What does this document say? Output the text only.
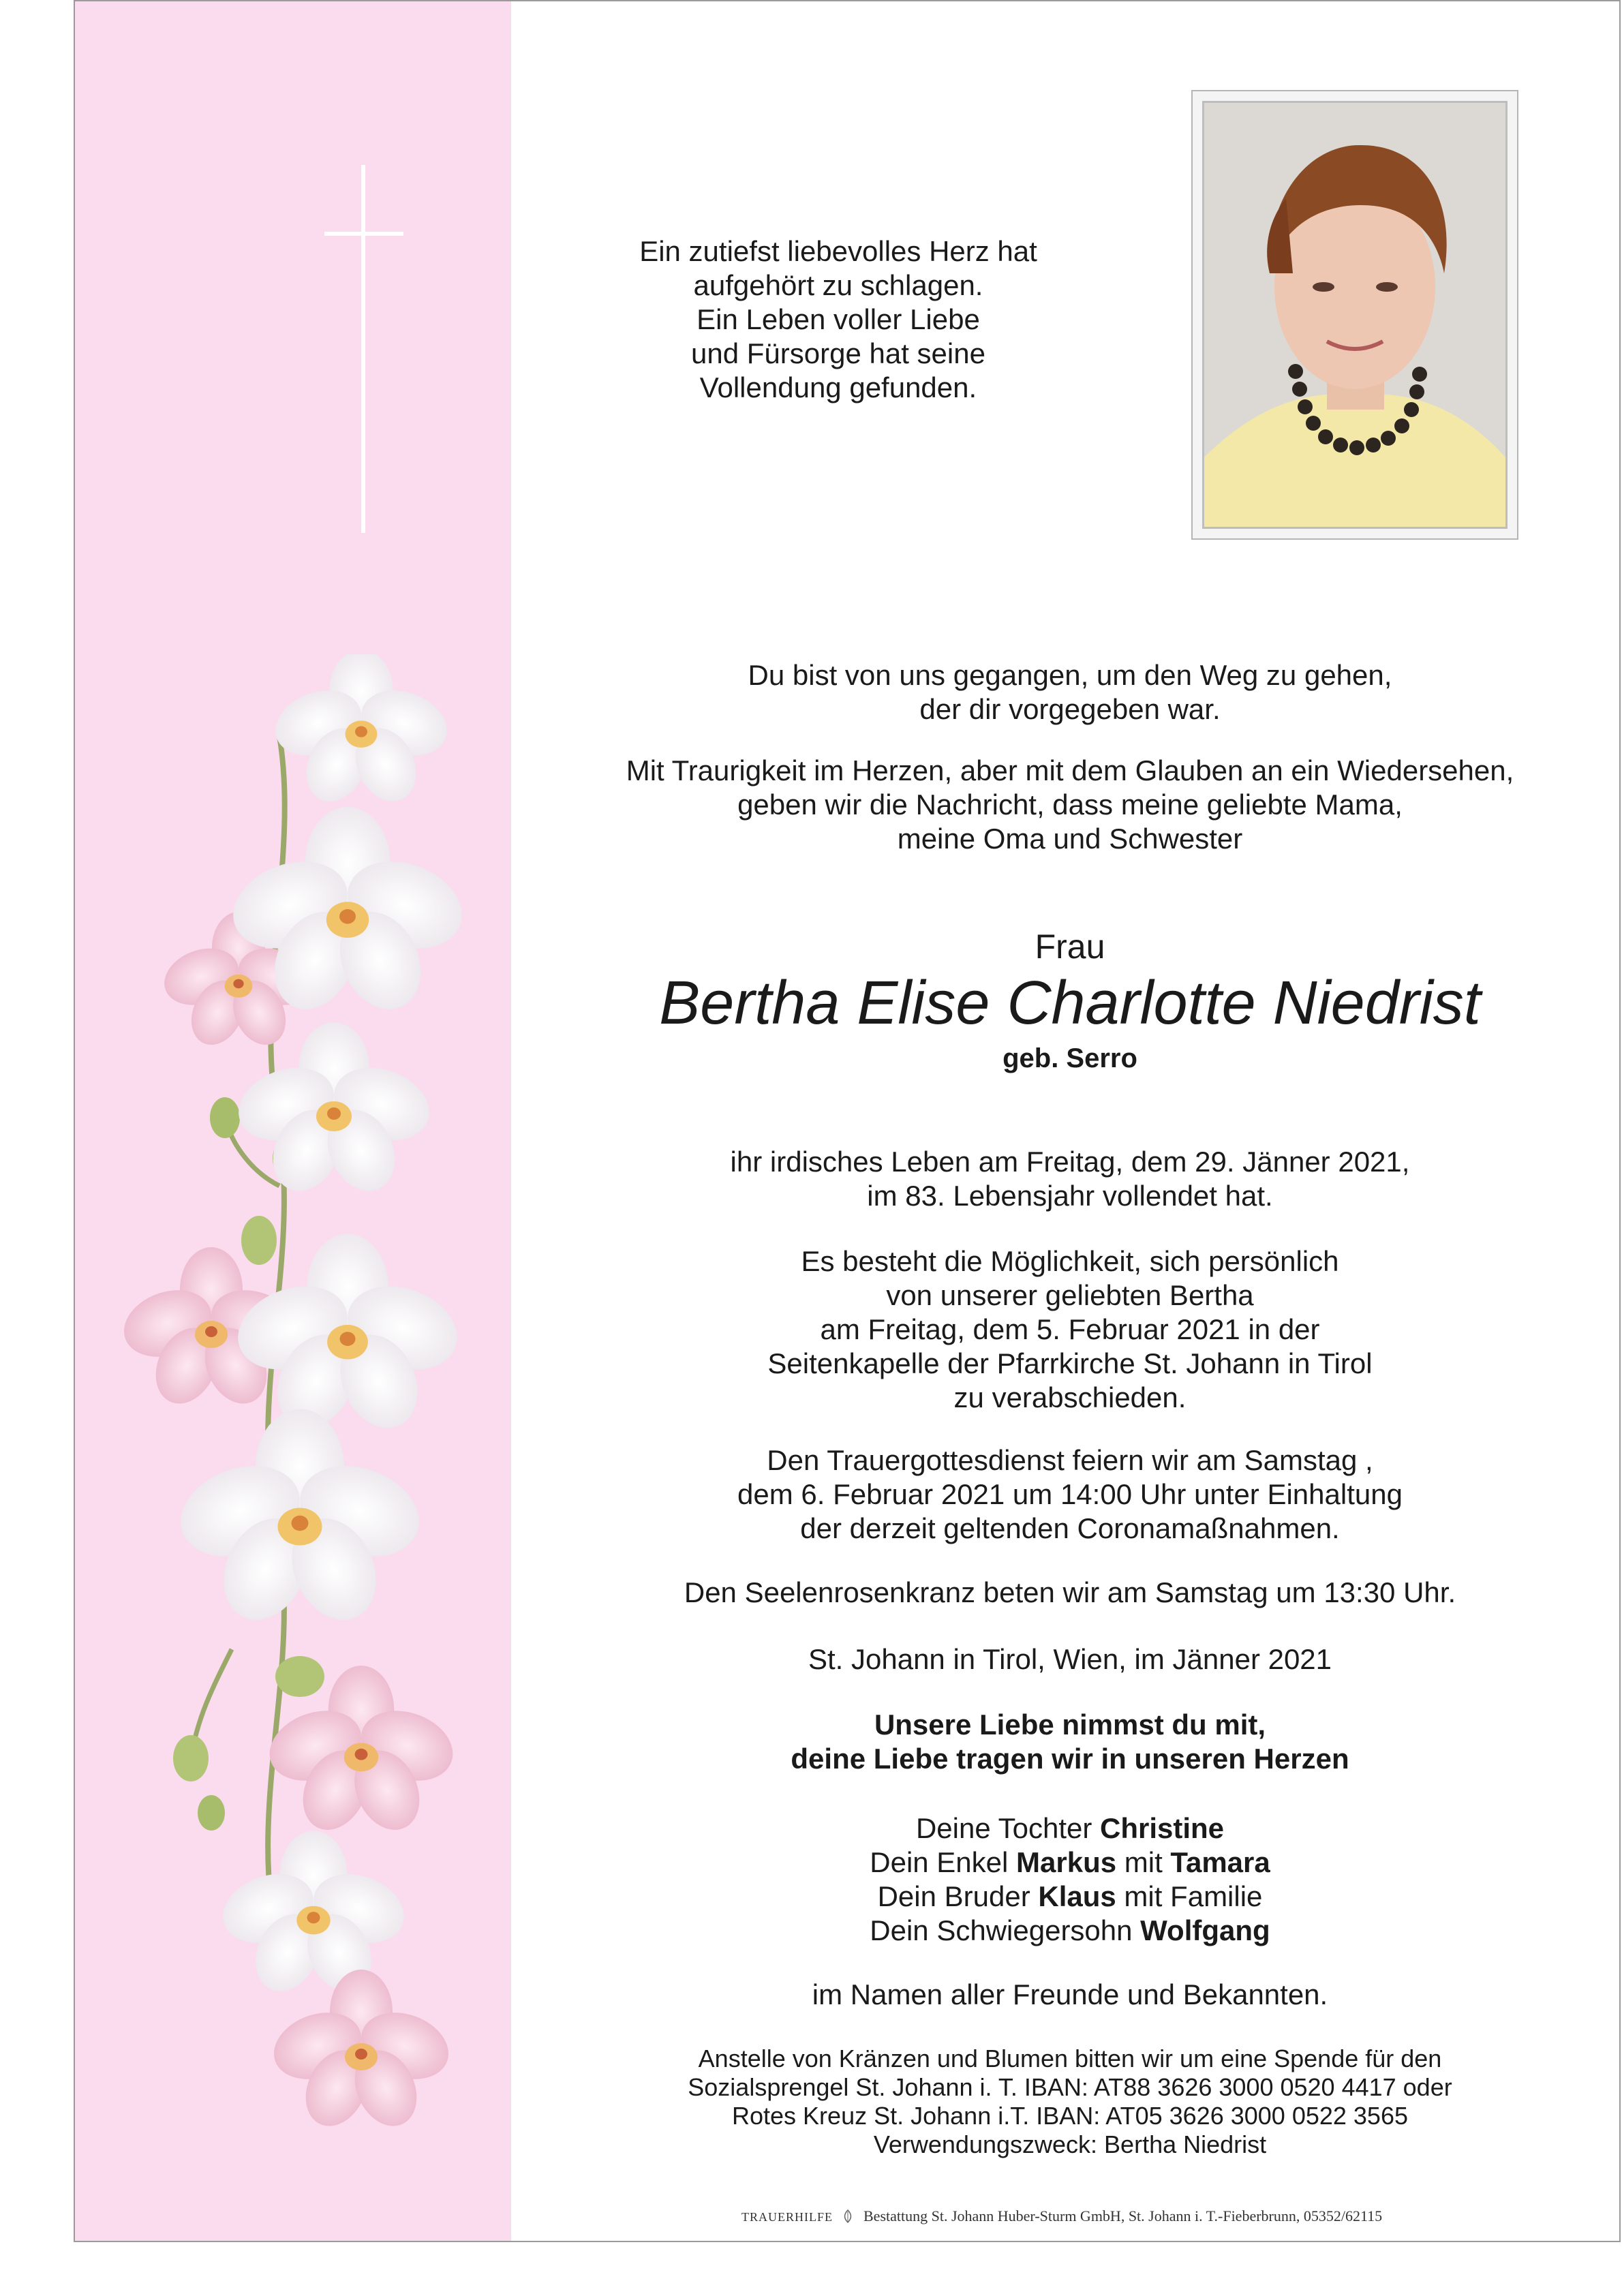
Ein zutiefst liebevolles Herz hat
aufgehört zu schlagen.
Ein Leben voller Liebe
und Fürsorge hat seine
Vollendung gefunden.
Du bist von uns gegangen, um den Weg zu gehen,
der dir vorgegeben war.
Mit Traurigkeit im Herzen, aber mit dem Glauben an ein Wiedersehen,
geben wir die Nachricht, dass meine geliebte Mama,
meine Oma und Schwester
Frau
Bertha Elise Charlotte Niedrist
geb. Serro
ihr irdisches Leben am Freitag, dem 29. Jänner 2021,
im 83. Lebensjahr vollendet hat.
Es besteht die Möglichkeit, sich persönlich
von unserer geliebten Bertha
am Freitag, dem 5. Februar 2021 in der
Seitenkapelle der Pfarrkirche St. Johann in Tirol
zu verabschieden.
Den Trauergottesdienst feiern wir am Samstag ,
dem 6. Februar 2021 um 14:00 Uhr unter Einhaltung
der derzeit geltenden Coronamaßnahmen.
Den Seelenrosenkranz beten wir am Samstag um 13:30 Uhr.
St. Johann in Tirol, Wien, im Jänner 2021
Unsere Liebe nimmst du mit,
deine Liebe tragen wir in unseren Herzen
Deine Tochter Christine
Dein Enkel Markus mit Tamara
Dein Bruder Klaus mit Familie
Dein Schwiegersohn Wolfgang
im Namen aller Freunde und Bekannten.
Anstelle von Kränzen und Blumen bitten wir um eine Spende für den
Sozialsprengel St. Johann i. T. IBAN: AT88 3626 3000 0520 4417 oder
Rotes Kreuz St. Johann i.T. IBAN: AT05 3626 3000 0522 3565
Verwendungszweck: Bertha Niedrist
TRAUERHILFE Bestattung St. Johann Huber-Sturm GmbH, St. Johann i. T.-Fieberbrunn, 05352/62115
